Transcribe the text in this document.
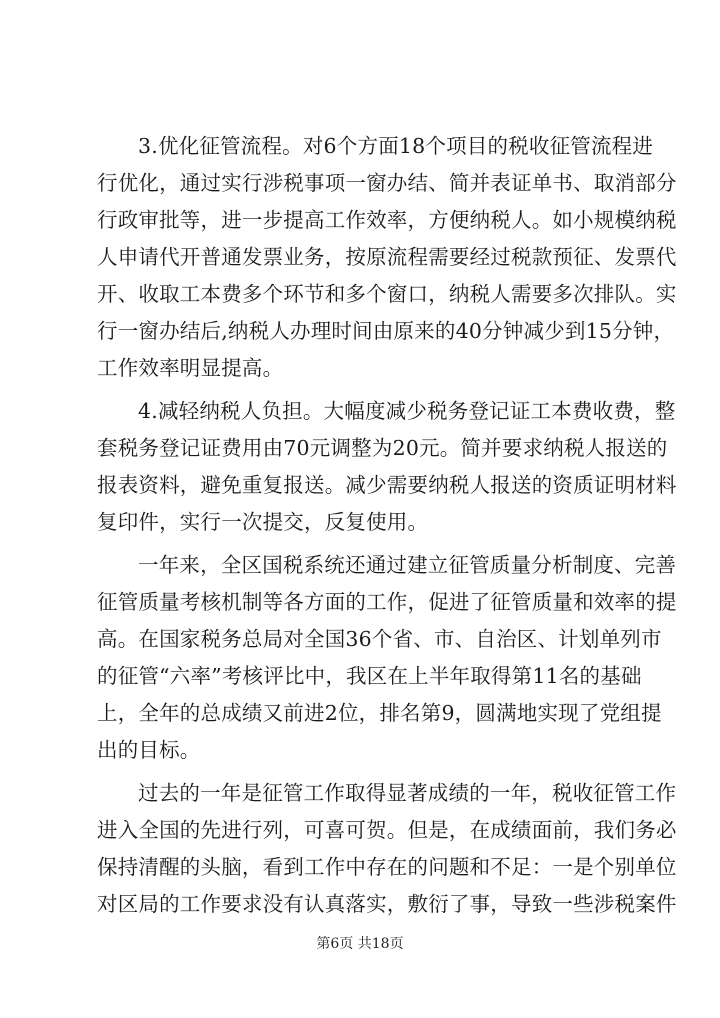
3.优化征管流程。对6个方面18个项目的税收征管流程进
行优化，通过实行涉税事项一窗办结、简并表证单书、取消部分
行政审批等，进一步提高工作效率，方便纳税人。如小规模纳税
人申请代开普通发票业务，按原流程需要经过税款预征、发票代
开、收取工本费多个环节和多个窗口，纳税人需要多次排队。实
行一窗办结后,纳税人办理时间由原来的40分钟减少到15分钟，
工作效率明显提高。
4.减轻纳税人负担。大幅度减少税务登记证工本费收费，整
套税务登记证费用由70元调整为20元。简并要求纳税人报送的
报表资料，避免重复报送。减少需要纳税人报送的资质证明材料
复印件，实行一次提交，反复使用。
一年来，全区国税系统还通过建立征管质量分析制度、完善
征管质量考核机制等各方面的工作，促进了征管质量和效率的提
高。在国家税务总局对全国36个省、市、自治区、计划单列市
的征管“六率”考核评比中，我区在上半年取得第11名的基础
上，全年的总成绩又前进2位，排名第9，圆满地实现了党组提
出的目标。
过去的一年是征管工作取得显著成绩的一年，税收征管工作
进入全国的先进行列，可喜可贺。但是，在成绩面前，我们务必
保持清醒的头脑，看到工作中存在的问题和不足：一是个别单位
对区局的工作要求没有认真落实，敷衍了事，导致一些涉税案件
第6页 共18页
